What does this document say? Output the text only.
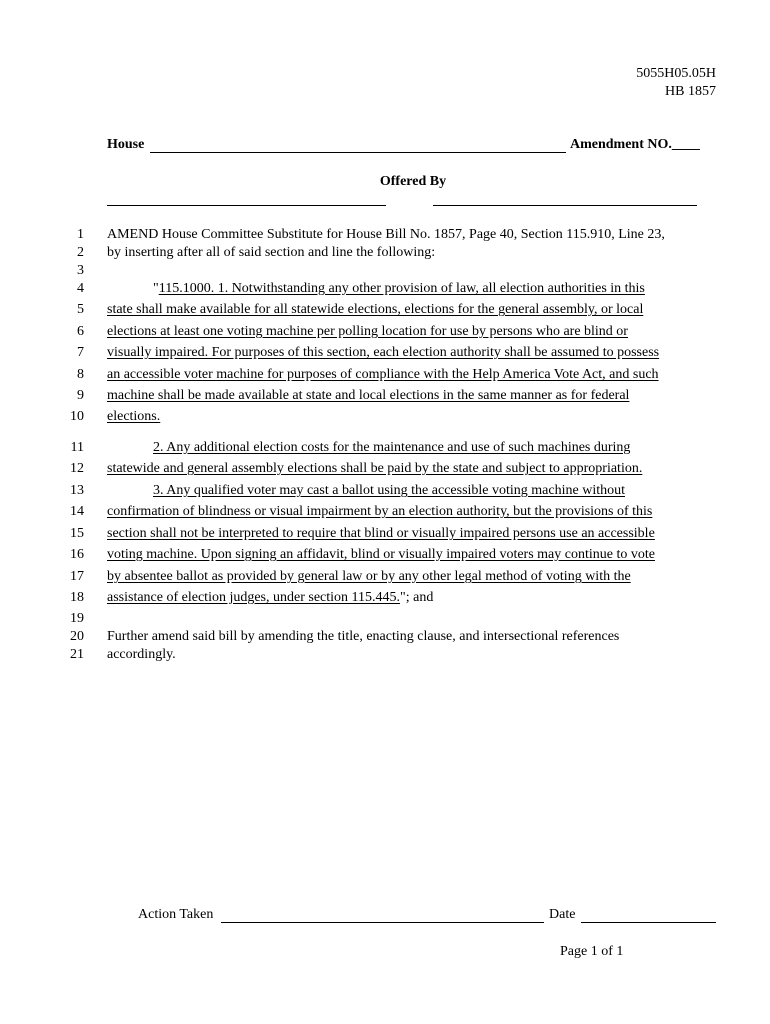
5055H05.05H
HB 1857
House	Amendment NO.____
Offered By
1 AMEND House Committee Substitute for House Bill No. 1857, Page 40, Section 115.910, Line 23,
2 by inserting after all of said section and line the following:
3
4	"115.1000. 1. Notwithstanding any other provision of law, all election authorities in this
5 state shall make available for all statewide elections, elections for the general assembly, or local
6 elections at least one voting machine per polling location for use by persons who are blind or
7 visually impaired. For purposes of this section, each election authority shall be assumed to possess
8 an accessible voter machine for purposes of compliance with the Help America Vote Act, and such
9 machine shall be made available at state and local elections in the same manner as for federal
10 elections.
11	2. Any additional election costs for the maintenance and use of such machines during
12 statewide and general assembly elections shall be paid by the state and subject to appropriation.
13	3. Any qualified voter may cast a ballot using the accessible voting machine without
14 confirmation of blindness or visual impairment by an election authority, but the provisions of this
15 section shall not be interpreted to require that blind or visually impaired persons use an accessible
16 voting machine. Upon signing an affidavit, blind or visually impaired voters may continue to vote
17 by absentee ballot as provided by general law or by any other legal method of voting with the
18 assistance of election judges, under section 115.445."; and
19
20 Further amend said bill by amending the title, enacting clause, and intersectional references
21 accordingly.
Action Taken	Date
Page 1 of 1
